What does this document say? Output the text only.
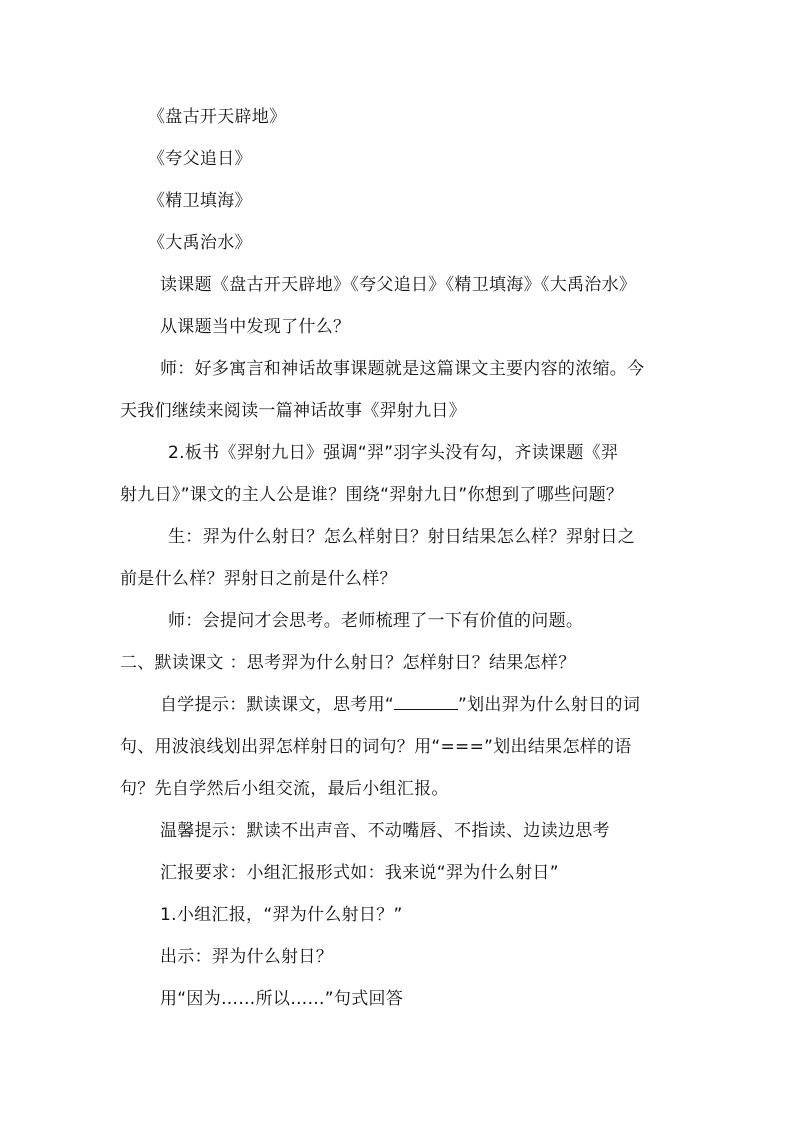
《盘古开天辟地》
《夸父追日》
《精卫填海》
《大禹治水》
读课题《盘古开天辟地》《夸父追日》《精卫填海》《大禹治水》
从课题当中发现了什么？
师：好多寓言和神话故事课题就是这篇课文主要内容的浓缩。今
天我们继续来阅读一篇神话故事《羿射九日》
2.板书《羿射九日》强调“羿”羽字头没有勾，齐读课题《羿
射九日》”课文的主人公是谁？围绕“羿射九日”你想到了哪些问题？
生：羿为什么射日？怎么样射日？射日结果怎么样？羿射日之
前是什么样？羿射日之前是什么样？
师：会提问才会思考。老师梳理了一下有价值的问题。
二、默读课文 ：思考羿为什么射日？怎样射日？结果怎样？
自学提示：默读课文，思考用“	”划出羿为什么射日的词
句、用波浪线划出羿怎样射日的词句？用“===”划出结果怎样的语
句？先自学然后小组交流，最后小组汇报。
温馨提示：默读不出声音、不动嘴唇、不指读、边读边思考
汇报要求：小组汇报形式如：我来说“羿为什么射日”
1.小组汇报，“羿为什么射日？”
出示：羿为什么射日？
用“因为……所以……”句式回答
